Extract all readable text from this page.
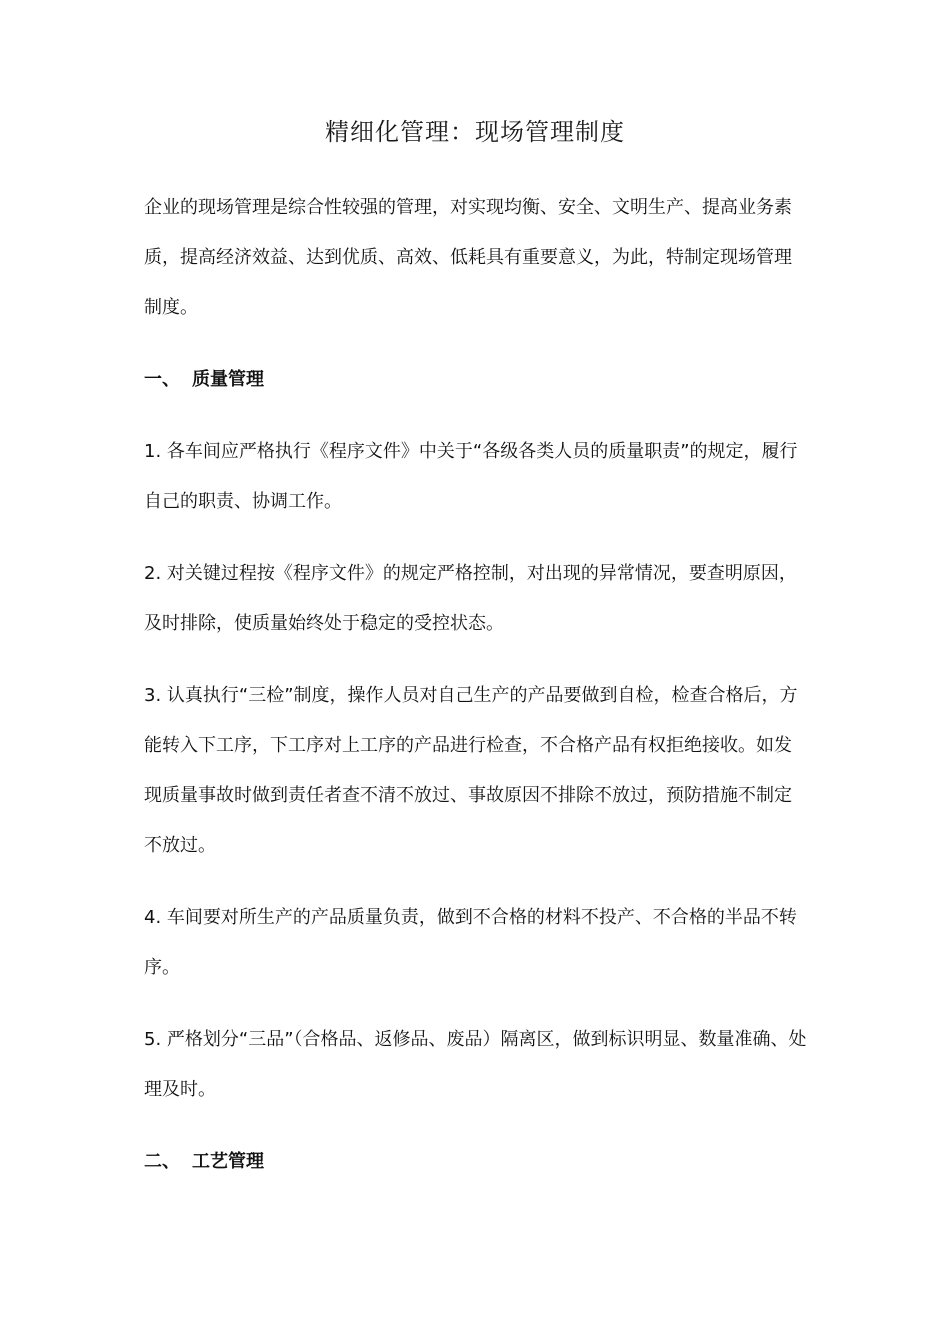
精细化管理：现场管理制度

企业的现场管理是综合性较强的管理，对实现均衡、安全、文明生产、提高业务素质，提高经济效益、达到优质、高效、低耗具有重要意义，为此，特制定现场管理制度。

一、 质量管理

1. 各车间应严格执行《程序文件》中关于“各级各类人员的质量职责”的规定，履行自己的职责、协调工作。

2. 对关键过程按《程序文件》的规定严格控制，对出现的异常情况，要查明原因，及时排除，使质量始终处于稳定的受控状态。

3. 认真执行“三检”制度，操作人员对自己生产的产品要做到自检，检查合格后，方能转入下工序，下工序对上工序的产品进行检查，不合格产品有权拒绝接收。如发现质量事故时做到责任者查不清不放过、事故原因不排除不放过，预防措施不制定不放过。

4. 车间要对所生产的产品质量负责，做到不合格的材料不投产、不合格的半品不转序。

5. 严格划分“三品”（合格品、返修品、废品）隔离区，做到标识明显、数量准确、处理及时。

二、 工艺管理
